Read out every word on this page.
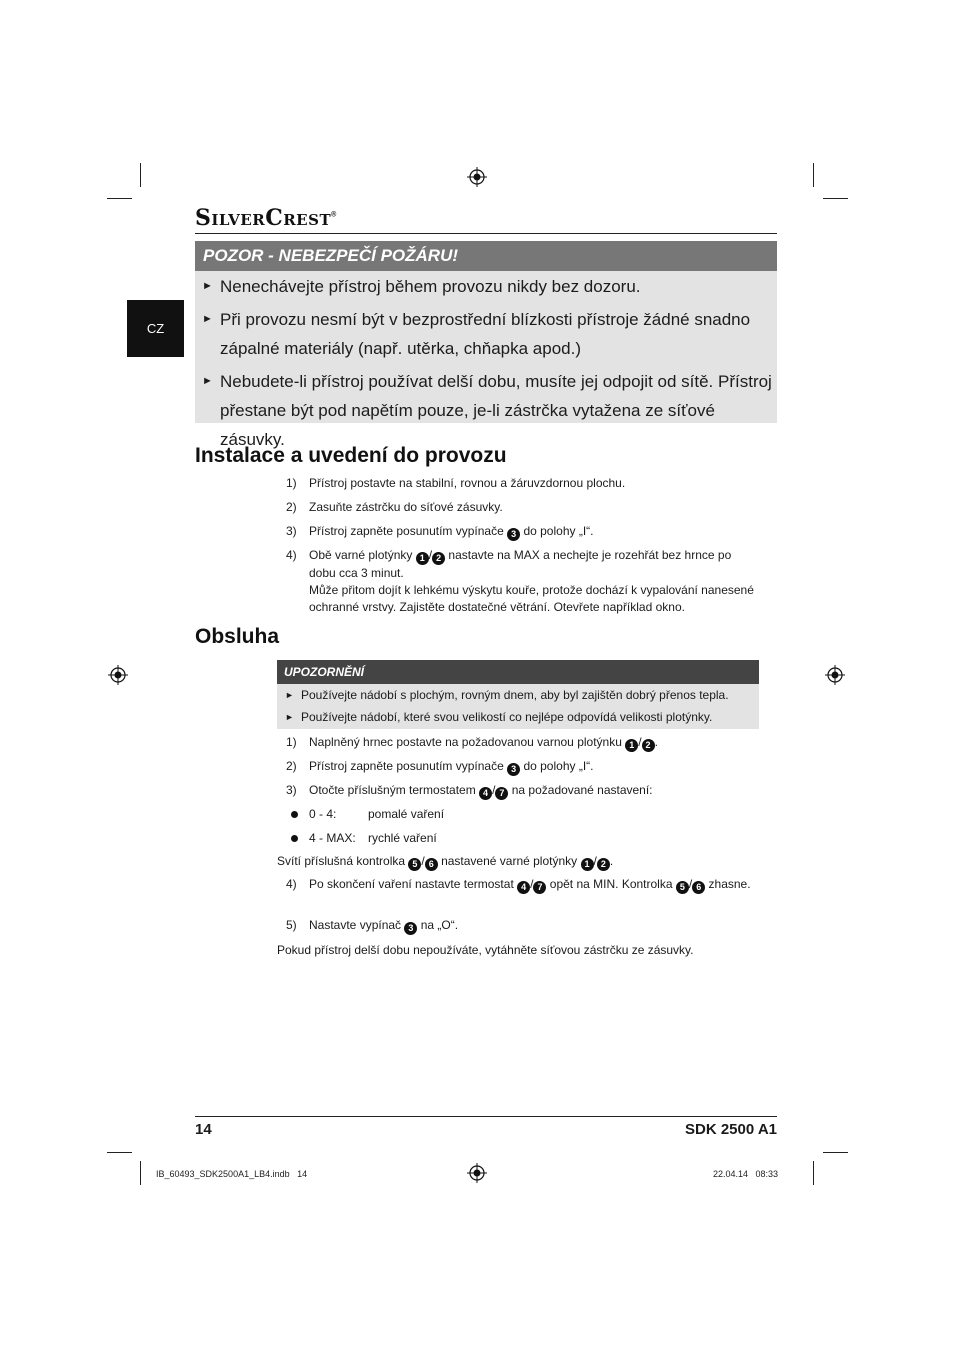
SilverCrest®
CZ
POZOR - NEBEZPEČÍ POŽÁRU!
► Nenechávejte přístroj během provozu nikdy bez dozoru.
► Při provozu nesmí být v bezprostřední blízkosti přístroje žádné snadno zápalné materiály (např. utěrka, chňapka apod.)
► Nebudete-li přístroj používat delší dobu, musíte jej odpojit od sítě. Přístroj přestane být pod napětím pouze, je-li zástrčka vytažena ze síťové zásuvky.
Instalace a uvedení do provozu
1)	Přístroj postavte na stabilní, rovnou a žáruvzdornou plochu.
2)	Zasuňte zástrčku do síťové zásuvky.
3)	Přístroj zapněte posunutím vypínače 3 do polohy „I“.
4)	Obě varné plotýnky 1 / 2 nastavte na MAX a nechejte je rozehřát bez hrnce po dobu cca 3 minut.
Může přitom dojít k lehkému výskytu kouře, protože dochází k vypalování nanesené ochranné vrstvy. Zajistěte dostatečné větrání. Otevřete například okno.
Obsluha
UPOZORNĚNÍ
► Používejte nádobí s plochým, rovným dnem, aby byl zajištěn dobrý přenos tepla.
► Používejte nádobí, které svou velikostí co nejlépe odpovídá velikosti plotýnky.
1)	Naplněný hrnec postavte na požadovanou varnou plotýnku 1 / 2 .
2)	Přístroj zapněte posunutím vypínače 3 do polohy „I“.
3)	Otočte příslušným termostatem 4 / 7 na požadované nastavení:
0 - 4:	pomalé vaření
4 - MAX: rychlé vaření
Svítí příslušná kontrolka 5 / 6 nastavené varné plotýnky 1 / 2 .
4)	Po skončení vaření nastavte termostat 4 / 7 opět na MIN. Kontrolka 5 / 6 zhasne.
5)	Nastavte vypínač 3 na „O“.
Pokud přístroj delší dobu nepoužíváte, vytáhněte síťovou zástrčku ze zásuvky.
14	SDK 2500 A1
IB_60493_SDK2500A1_LB4.indb   14	22.04.14   08:33
